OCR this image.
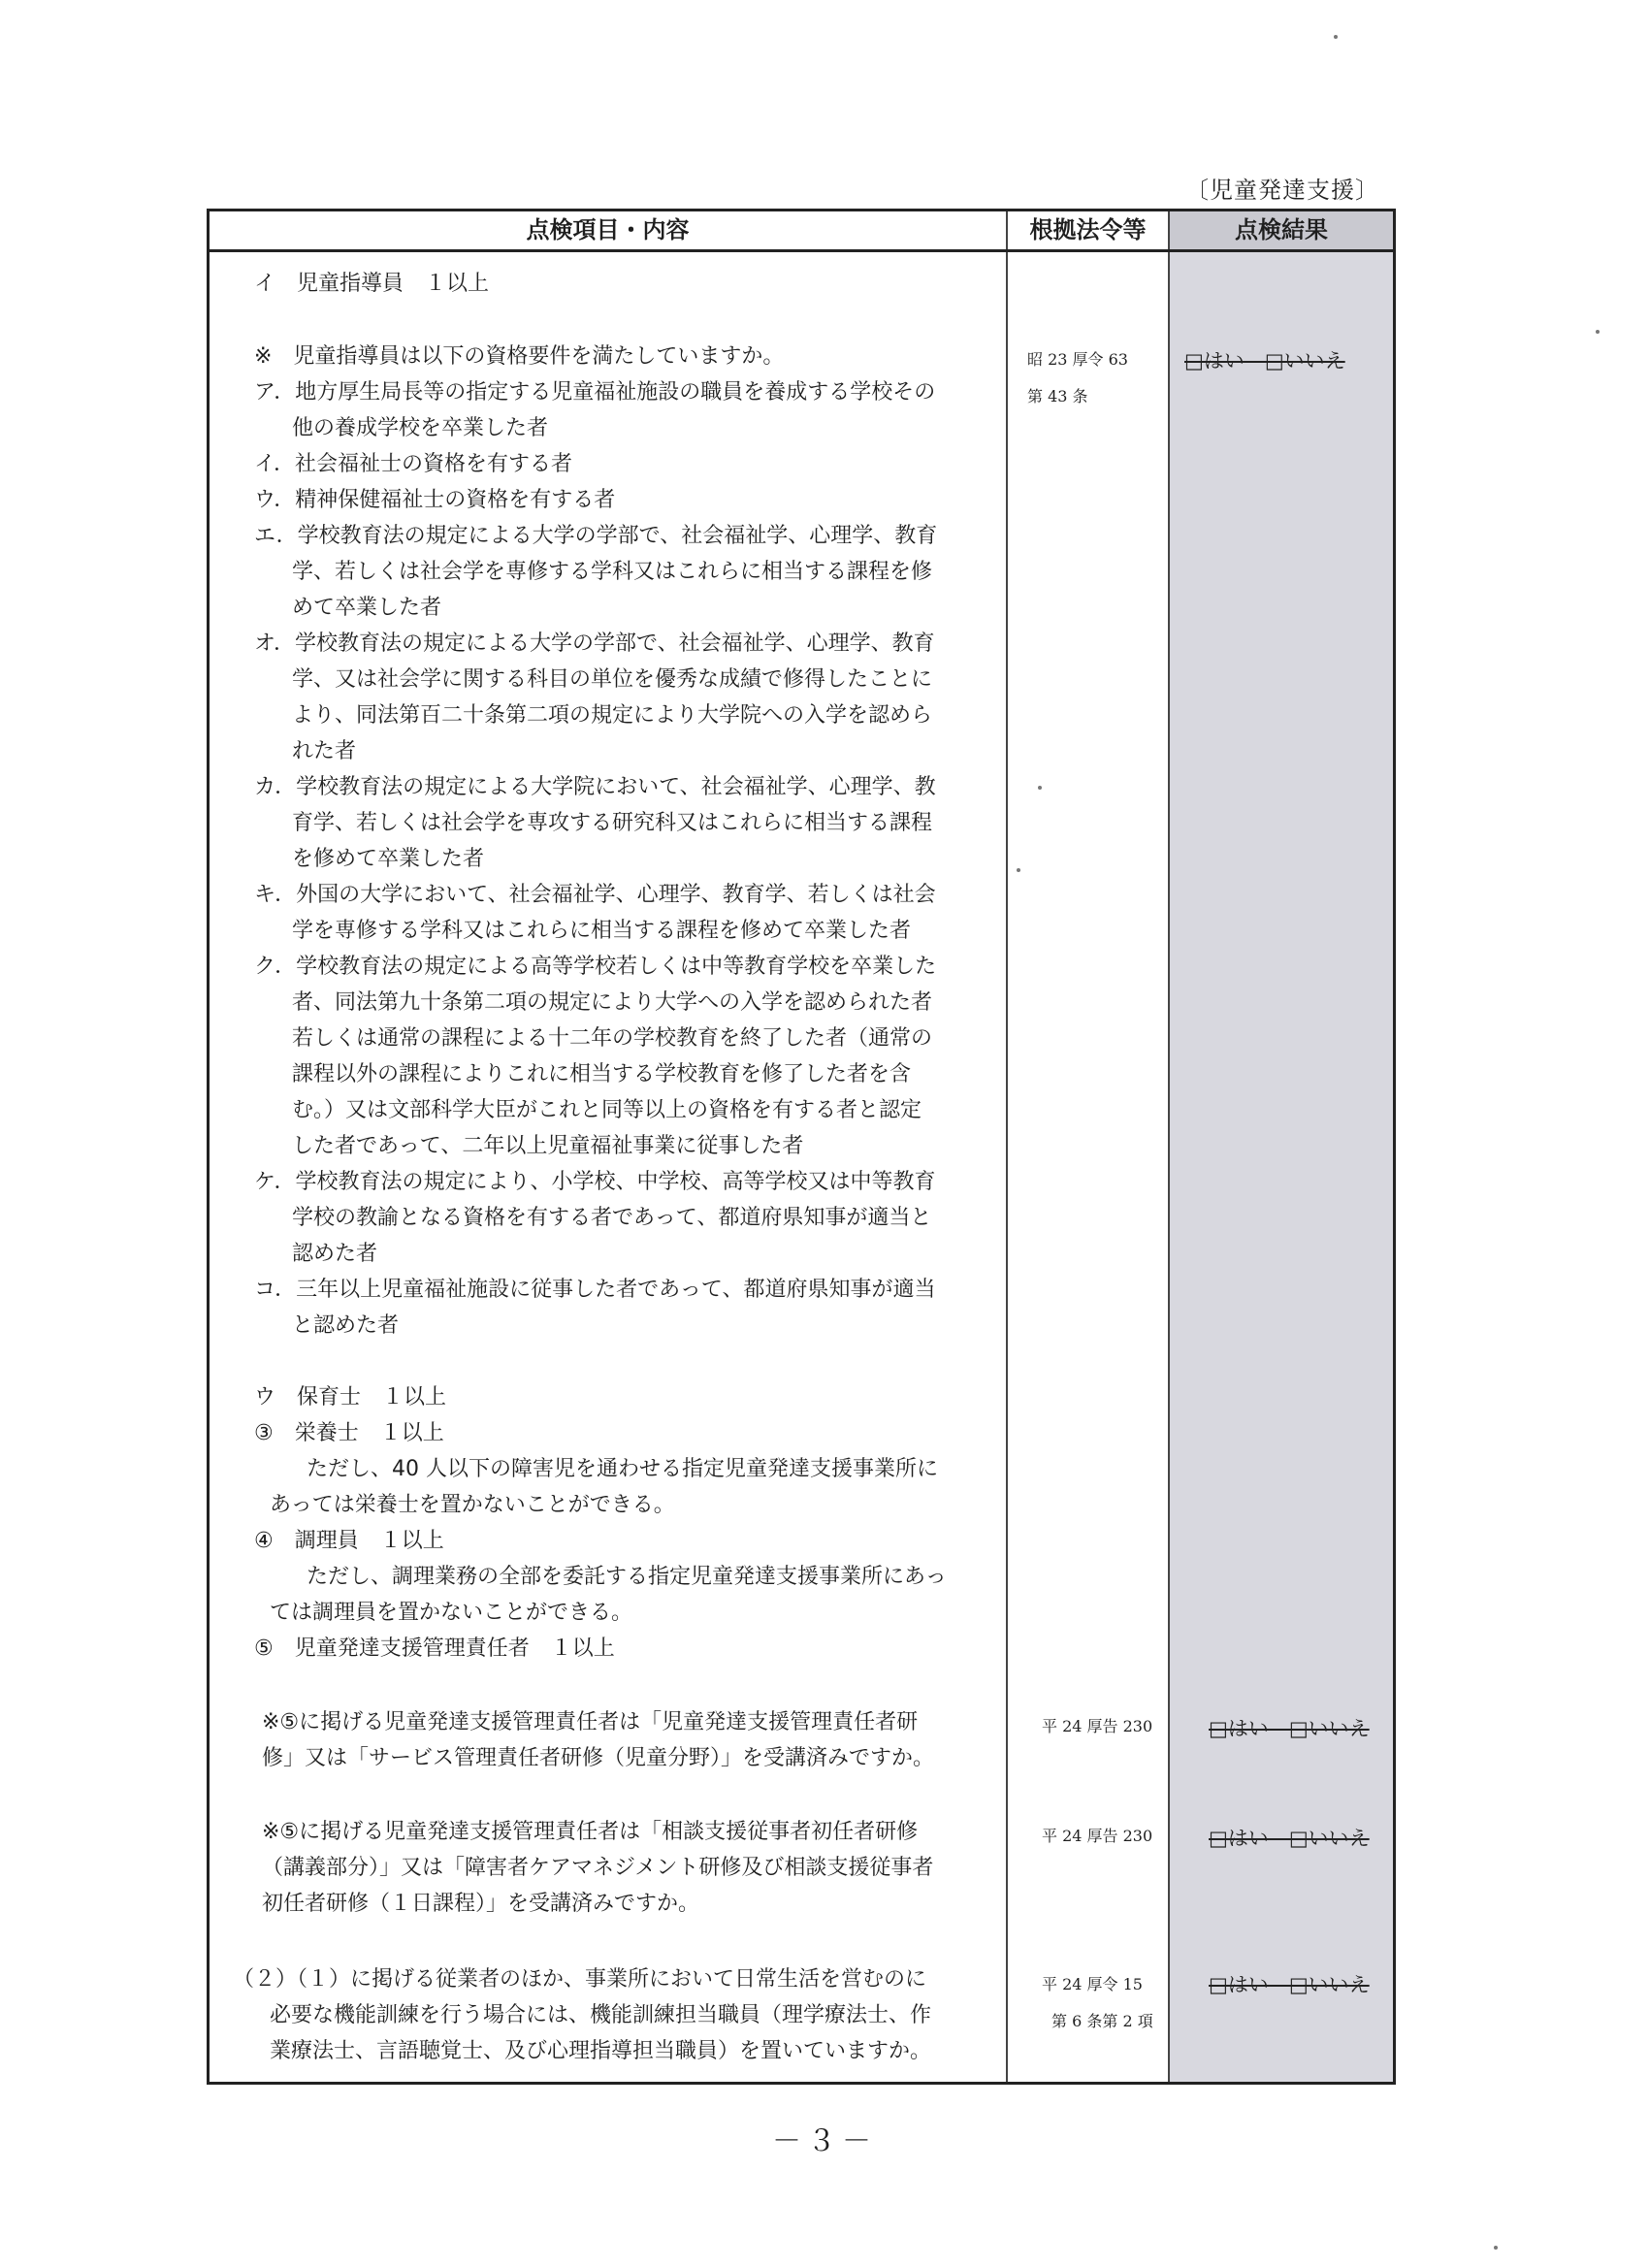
〔児童発達支援〕
点検項目・内容	根拠法令等	点検結果
イ　児童指導員　１以上
※　児童指導員は以下の資格要件を満たしていますか。
ア．地方厚生局長等の指定する児童福祉施設の職員を養成する学校その
他の養成学校を卒業した者
イ．社会福祉士の資格を有する者
ウ．精神保健福祉士の資格を有する者
エ．学校教育法の規定による大学の学部で、社会福祉学、心理学、教育
学、若しくは社会学を専修する学科又はこれらに相当する課程を修
めて卒業した者
オ．学校教育法の規定による大学の学部で、社会福祉学、心理学、教育
学、又は社会学に関する科目の単位を優秀な成績で修得したことに
より、同法第百二十条第二項の規定により大学院への入学を認めら
れた者
カ．学校教育法の規定による大学院において、社会福祉学、心理学、教
育学、若しくは社会学を専攻する研究科又はこれらに相当する課程
を修めて卒業した者
キ．外国の大学において、社会福祉学、心理学、教育学、若しくは社会
学を専修する学科又はこれらに相当する課程を修めて卒業した者
ク．学校教育法の規定による高等学校若しくは中等教育学校を卒業した
者、同法第九十条第二項の規定により大学への入学を認められた者
若しくは通常の課程による十二年の学校教育を終了した者（通常の
課程以外の課程によりこれに相当する学校教育を修了した者を含
む。）又は文部科学大臣がこれと同等以上の資格を有する者と認定
した者であって、二年以上児童福祉事業に従事した者
ケ．学校教育法の規定により、小学校、中学校、高等学校又は中等教育
学校の教諭となる資格を有する者であって、都道府県知事が適当と
認めた者
コ．三年以上児童福祉施設に従事した者であって、都道府県知事が適当
と認めた者
ウ　保育士　１以上
③　栄養士　１以上
ただし、40 人以下の障害児を通わせる指定児童発達支援事業所に
あっては栄養士を置かないことができる。
④　調理員　１以上
ただし、調理業務の全部を委託する指定児童発達支援事業所にあっ
ては調理員を置かないことができる。
⑤　児童発達支援管理責任者　１以上
※⑤に掲げる児童発達支援管理責任者は「児童発達支援管理責任者研
修」又は「サービス管理責任者研修（児童分野）」を受講済みですか。
※⑤に掲げる児童発達支援管理責任者は「相談支援従事者初任者研修
（講義部分）」又は「障害者ケアマネジメント研修及び相談支援従事者
初任者研修（１日課程）」を受講済みですか。
（２）（１）に掲げる従業者のほか、事業所において日常生活を営むのに
必要な機能訓練を行う場合には、機能訓練担当職員（理学療法士、作
業療法士、言語聴覚士、及び心理指導担当職員）を置いていますか。
昭 23 厚令 63
第 43 条
平 24 厚告 230
平 24 厚告 230
平 24 厚令 15
第 6 条第 2 項
□はい　□いいえ
□はい　□いいえ
□はい　□いいえ
□はい　□いいえ
－３－
